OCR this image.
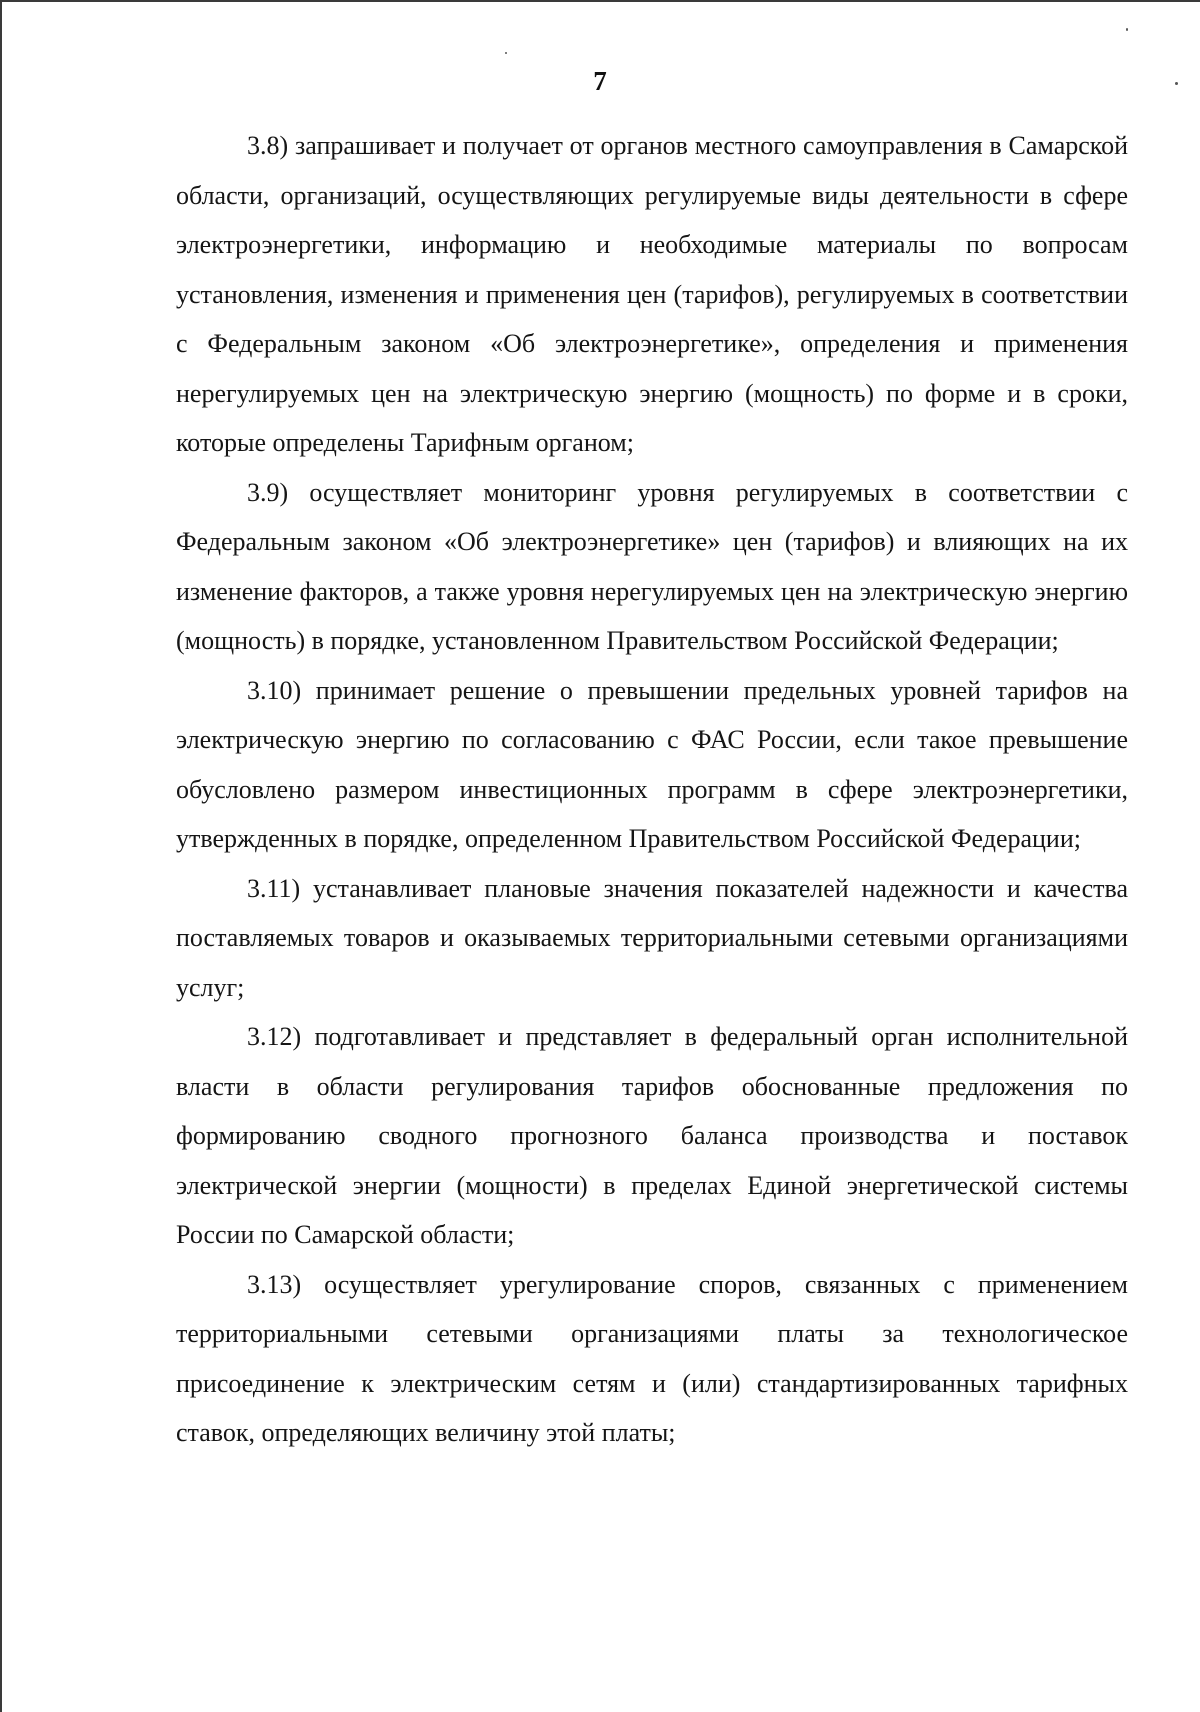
7

3.8) запрашивает и получает от органов местного самоуправления в Самарской области, организаций, осуществляющих регулируемые виды деятельности в сфере электроэнергетики, информацию и необходимые материалы по вопросам установления, изменения и применения цен (тарифов), регулируемых в соответствии с Федеральным законом «Об электроэнергетике», определения и применения нерегулируемых цен на электрическую энергию (мощность) по форме и в сроки, которые определены Тарифным органом;

3.9) осуществляет мониторинг уровня регулируемых в соответствии с Федеральным законом «Об электроэнергетике» цен (тарифов) и влияющих на их изменение факторов, а также уровня нерегулируемых цен на электрическую энергию (мощность) в порядке, установленном Правительством Российской Федерации;

3.10) принимает решение о превышении предельных уровней тарифов на электрическую энергию по согласованию с ФАС России, если такое превышение обусловлено размером инвестиционных программ в сфере электроэнергетики, утвержденных в порядке, определенном Правительством Российской Федерации;

3.11) устанавливает плановые значения показателей надежности и качества поставляемых товаров и оказываемых территориальными сетевыми организациями услуг;

3.12) подготавливает и представляет в федеральный орган исполнительной власти в области регулирования тарифов обоснованные предложения по формированию сводного прогнозного баланса производства и поставок электрической энергии (мощности) в пределах Единой энергетической системы России по Самарской области;

3.13) осуществляет урегулирование споров, связанных с применением территориальными сетевыми организациями платы за технологическое присоединение к электрическим сетям и (или) стандартизированных тарифных ставок, определяющих величину этой платы;
